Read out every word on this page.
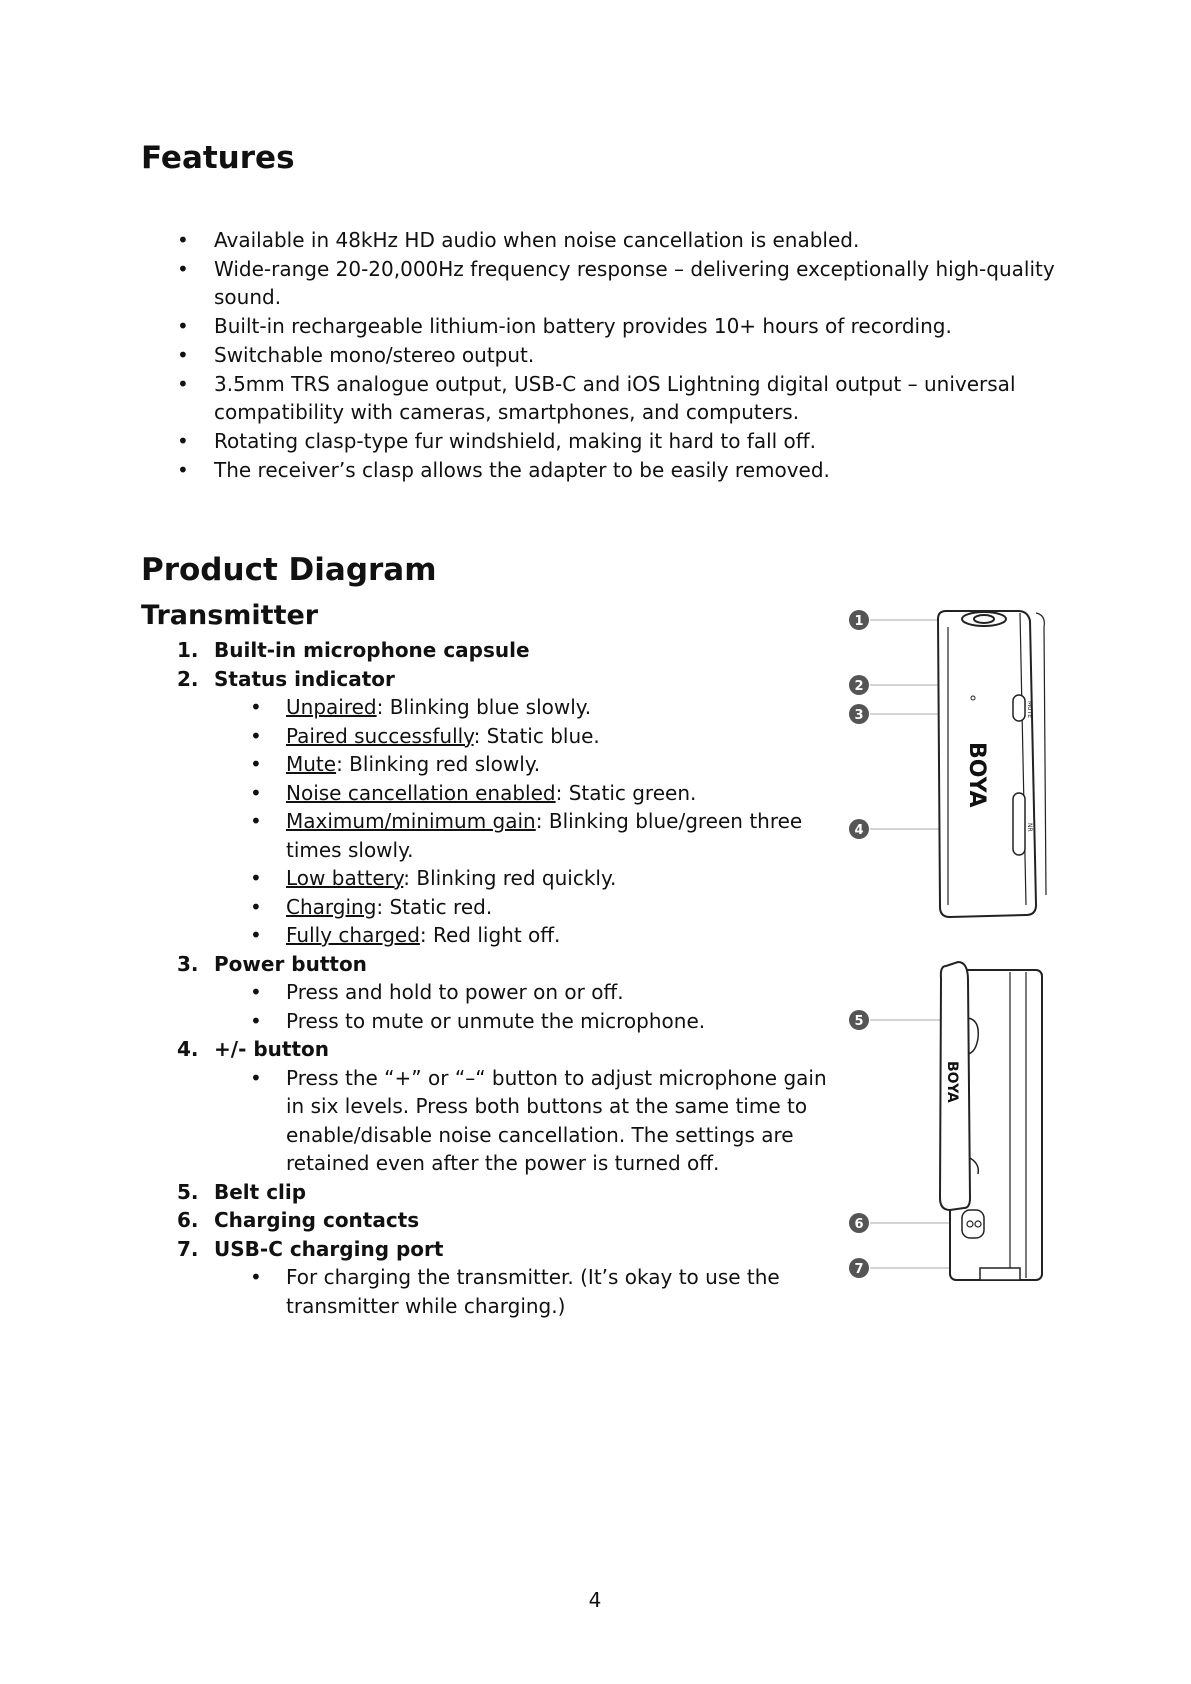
Features
• Available in 48kHz HD audio when noise cancellation is enabled.
• Wide-range 20-20,000Hz frequency response – delivering exceptionally high-quality sound.
• Built-in rechargeable lithium-ion battery provides 10+ hours of recording.
• Switchable mono/stereo output.
• 3.5mm TRS analogue output, USB-C and iOS Lightning digital output – universal compatibility with cameras, smartphones, and computers.
• Rotating clasp-type fur windshield, making it hard to fall off.
• The receiver’s clasp allows the adapter to be easily removed.
Product Diagram
Transmitter
1. Built-in microphone capsule
2. Status indicator
• Unpaired: Blinking blue slowly.
• Paired successfully: Static blue.
• Mute: Blinking red slowly.
• Noise cancellation enabled: Static green.
• Maximum/minimum gain: Blinking blue/green three times slowly.
• Low battery: Blinking red quickly.
• Charging: Static red.
• Fully charged: Red light off.
3. Power button
• Press and hold to power on or off.
• Press to mute or unmute the microphone.
4. +/- button
• Press the “+” or “–“ button to adjust microphone gain in six levels. Press both buttons at the same time to enable/disable noise cancellation. The settings are retained even after the power is turned off.
5. Belt clip
6. Charging contacts
7. USB-C charging port
• For charging the transmitter. (It’s okay to use the transmitter while charging.)
1
2
3
4
BOYA
MUTE
NR
5
6
7
BOYA
4
